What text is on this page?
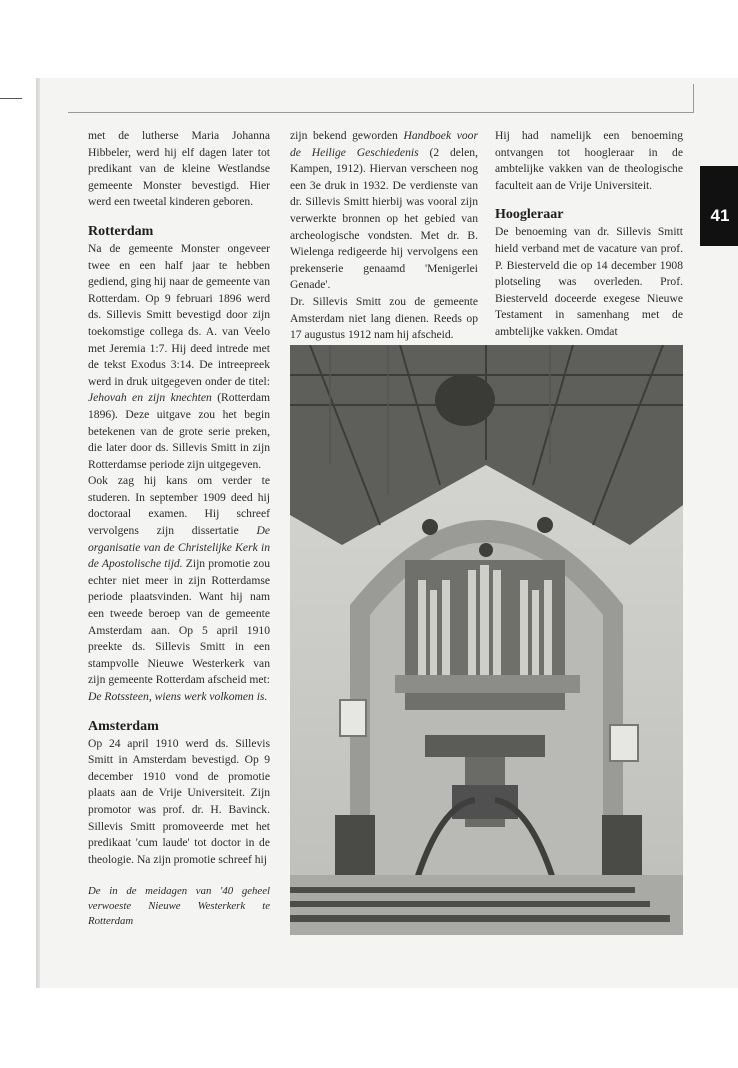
41

met de lutherse Maria Johanna Hibbeler, werd hij elf dagen later tot predikant van de kleine Westlandse gemeente Monster bevestigd. Hier werd een tweetal kinderen geboren.

Rotterdam

Na de gemeente Monster ongeveer twee en een half jaar te hebben gediend, ging hij naar de gemeente van Rotterdam. Op 9 februari 1896 werd ds. Sillevis Smitt bevestigd door zijn toekomstige collega ds. A. van Veelo met Jeremia 1:7. Hij deed intrede met de tekst Exodus 3:14. De intreepreek werd in druk uitgegeven onder de titel: Jehovah en zijn knechten (Rotterdam 1896). Deze uitgave zou het begin betekenen van de grote serie preken, die later door ds. Sillevis Smitt in zijn Rotterdamse periode zijn uitgegeven.

Ook zag hij kans om verder te studeren. In september 1909 deed hij doctoraal examen. Hij schreef vervolgens zijn dissertatie De organisatie van de Christelijke Kerk in de Apostolische tijd. Zijn promotie zou echter niet meer in zijn Rotterdamse periode plaatsvinden. Want hij nam een tweede beroep van de gemeente Amsterdam aan. Op 5 april 1910 preekte ds. Sillevis Smitt in een stampvolle Nieuwe Westerkerk van zijn gemeente Rotterdam afscheid met: De Rotssteen, wiens werk volkomen is.

Amsterdam

Op 24 april 1910 werd ds. Sillevis Smitt in Amsterdam bevestigd. Op 9 december 1910 vond de promotie plaats aan de Vrije Universiteit. Zijn promotor was prof. dr. H. Bavinck. Sillevis Smitt promoveerde met het predikaat 'cum laude' tot doctor in de theologie. Na zijn promotie schreef hij

De in de meidagen van '40 geheel verwoeste Nieuwe Westerkerk te Rotterdam

zijn bekend geworden Handboek voor de Heilige Geschiedenis (2 delen, Kampen, 1912). Hiervan verscheen nog een 3e druk in 1932. De verdienste van dr. Sillevis Smitt hierbij was vooral zijn verwerkte bronnen op het gebied van archeologische vondsten. Met dr. B. Wielenga redigeerde hij vervolgens een prekenserie genaamd 'Menigerlei Genade'.

Dr. Sillevis Smitt zou de gemeente Amsterdam niet lang dienen. Reeds op 17 augustus 1912 nam hij afscheid.

Hij had namelijk een benoeming ontvangen tot hoogleraar in de ambtelijke vakken van de theologische faculteit aan de Vrije Universiteit.

Hoogleraar

De benoeming van dr. Sillevis Smitt hield verband met de vacature van prof. P. Biesterveld die op 14 december 1908 plotseling was overleden. Prof. Biesterveld doceerde exegese Nieuwe Testament in samenhang met de ambtelijke vakken. Omdat
